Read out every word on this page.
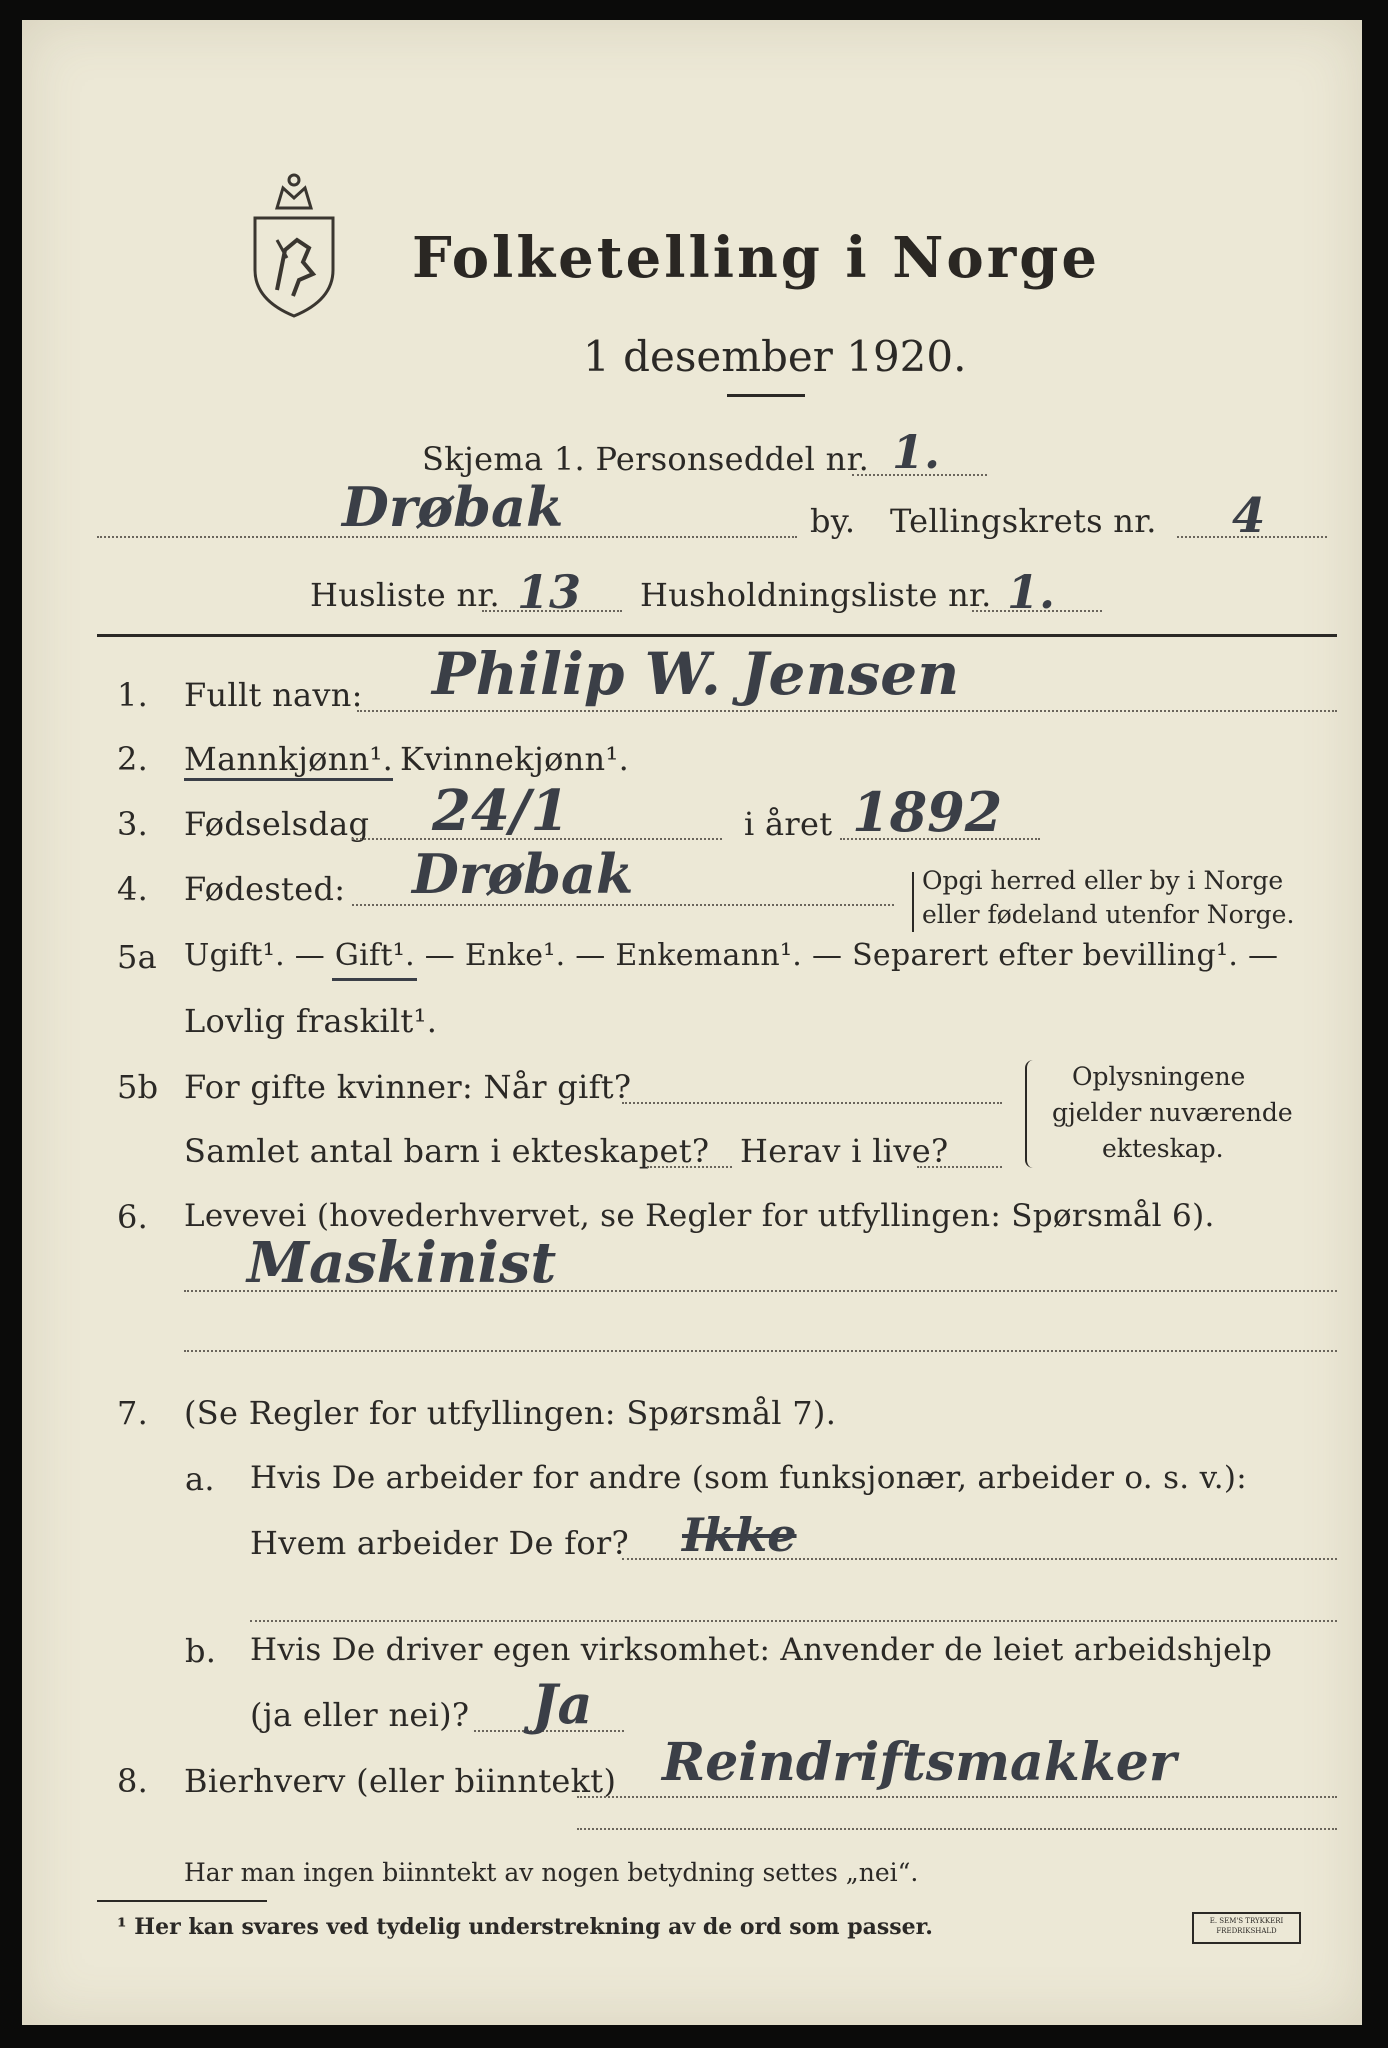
Folketelling i Norge
1 desember 1920.
Skjema 1. Personseddel nr. 1.
Drøbak	by. Tellingskrets nr. 4
Husliste nr. 13 Husholdningsliste nr. 1.
1. Fullt navn: Philip W. Jensen
2. Mannkjønn¹. Kvinnekjønn¹.
3. Fødselsdag 24/1	i året 1892
4. Fødested: Drøbak	Opgi herred eller by i Norge
eller fødeland utenfor Norge.
5a Ugift¹. — Gift¹. — Enke¹. — Enkemann¹. — Separert efter bevilling¹. —
Lovlig fraskilt¹.
5b For gifte kvinner: Når gift?
Samlet antal barn i ekteskapet? Herav i live?
Oplysningene
gjelder nuværende
ekteskap.
6. Levevei (hovederhvervet, se Regler for utfyllingen: Spørsmål 6).
Maskinist
7. (Se Regler for utfyllingen: Spørsmål 7).
a. Hvis De arbeider for andre (som funksjonær, arbeider o. s. v.):
Hvem arbeider De for? Ikke
b. Hvis De driver egen virksomhet: Anvender de leiet arbeidshjelp
(ja eller nei)? Ja
8. Bierhverv (eller biinntekt) Reindriftsmakker
Har man ingen biinntekt av nogen betydning settes „nei“.
¹ Her kan svares ved tydelig understrekning av de ord som passer.	E. SEM'S TRYKKERI
FREDRIKSHALD
